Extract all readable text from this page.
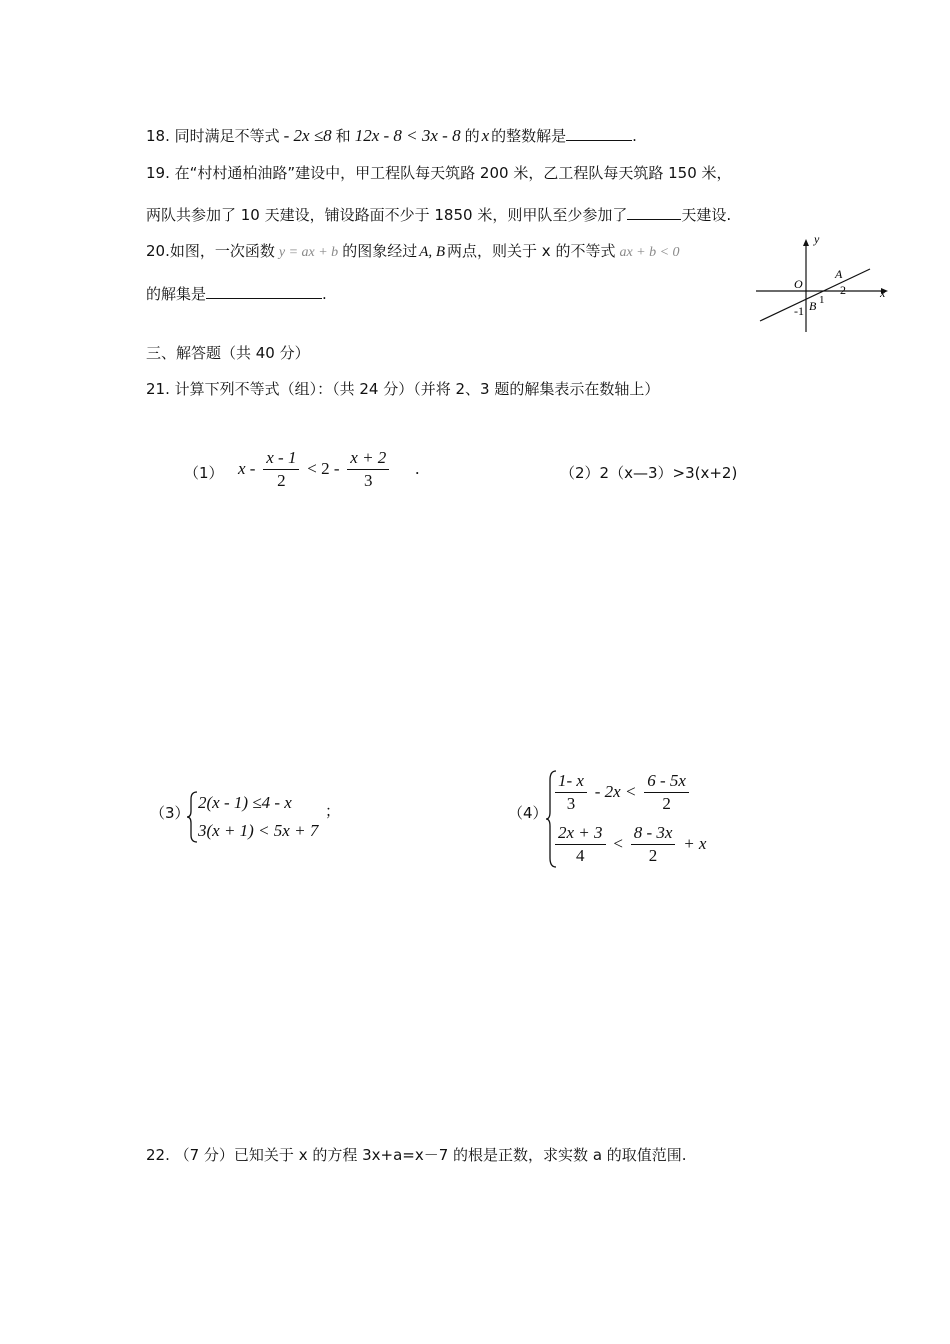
18. 同时满足不等式 - 2x ≤8 和 12x - 8 < 3x - 8 的 x 的整数解是	.
19. 在“村村通柏油路”建设中，甲工程队每天筑路 200 米，乙工程队每天筑路 150 米，
两队共参加了 10 天建设，铺设路面不少于 1850 米，则甲队至少参加了	天建设.
20.如图，一次函数 y = ax + b 的图象经过 A, B 两点，则关于 x 的不等式 ax + b < 0
的解集是	.
y
x
O
1
2
A
B
-1
三、解答题（共 40 分）
21. 计算下列不等式（组）：（共 24 分）（并将 2、3 题的解集表示在数轴上）
（1） $x - \frac{x - 1}{2} < 2 - \frac{x + 2}{3}$ .	（2）2（x—3）>3(x+2)
（3）
2(x - 1) ≤4 - x
3(x + 1) < 5x + 7
；	$(4) \frac{1- x}{3} - 2x < \frac{6 - 5x}{2}$
$\frac{2x + 3}{4} < \frac{8 - 3x}{2} + x$
22. （7 分）已知关于 x 的方程 3x+a=x－7 的根是正数，求实数 a 的取值范围.
